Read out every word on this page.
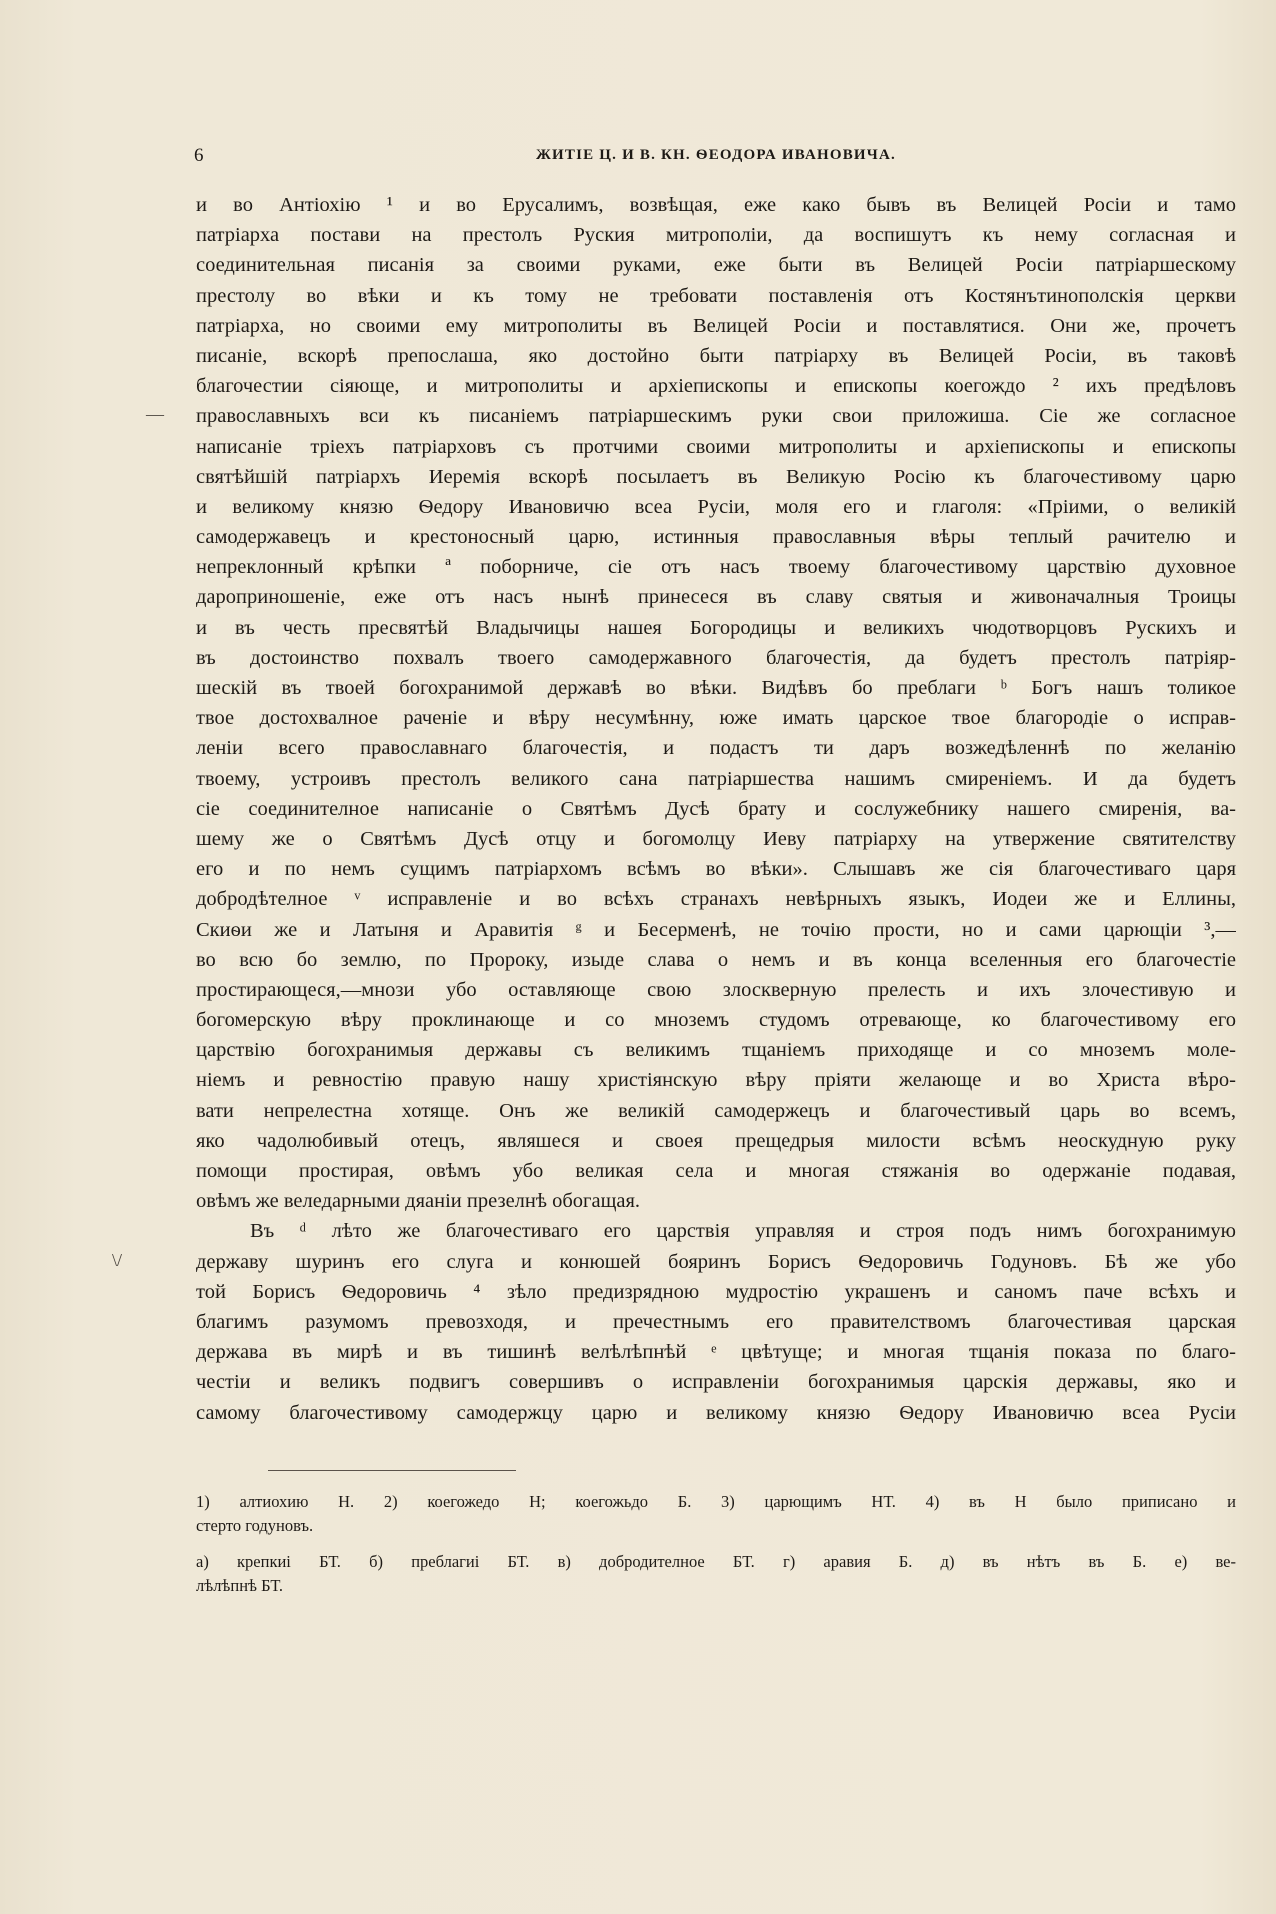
6	ЖИТІЕ Ц. И В. КН. ѲЕОДОРА ИВАНОВИЧА.
и во Антіохію ¹ и во Ерусалимъ, возвѣщая, еже како бывъ въ Велицей Росіи и тамо
патріарха постави на престолъ Руския митрополіи, да воспишутъ къ нему согласная и
соединительная писанія за своими руками, еже быти въ Велицей Росіи патріаршескому
престолу во вѣки и къ тому не требовати поставленія отъ Костянътинополскія церкви
патріарха, но своими ему митрополиты въ Велицей Росіи и поставлятися. Они же, прочетъ
писаніе, вскорѣ препослаша, яко достойно быти патріарху въ Велицей Росіи, въ таковѣ
благочестии сіяюще, и митрополиты и архіепископы и епископы коегождо ² ихъ предѣловъ
православныхъ вси къ писаніемъ патріаршескимъ руки свои приложиша. Сіе же согласное
написаніе тріехъ патріарховъ съ протчими своими митрополиты и архіепископы и епископы
святѣйшій патріархъ Иеремія вскорѣ посылаетъ въ Великую Росію къ благочестивому царю
и великому князю Ѳедору Ивановичю всеа Русіи, моля его и глаголя: «Пріими, о великій
самодержавецъ и крестоносный царю, истинныя православныя вѣры теплый рачителю и
непреклонный крѣпки ª поборниче, сіе отъ насъ твоему благочестивому царствію духовное
дароприношеніе, еже отъ насъ нынѣ принесеся въ славу святыя и живоначалныя Троицы
и въ честь пресвятѣй Владычицы нашея Богородицы и великихъ чюдотворцовъ Рускихъ и
въ достоинство похвалъ твоего самодержавного благочестія, да будетъ престолъ патріяр-
шескій въ твоей богохранимой державѣ во вѣки. Видѣвъ бо преблаги ᵇ Богъ нашъ толикое
твое достохвалное раченіе и вѣру несумѣнну, юже имать царское твое благородіе о исправ-
леніи всего православнаго благочестія, и подастъ ти даръ возжедѣленнѣ по желанію
твоему, устроивъ престолъ великого сана патріаршества нашимъ смиреніемъ. И да будетъ
сіе соединителное написаніе о Святѣмъ Дусѣ брату и сослужебнику нашего смиренія, ва-
шему же о Святѣмъ Дусѣ отцу и богомолцу Иеву патріарху на утвержение святителству
его и по немъ сущимъ патріархомъ всѣмъ во вѣки». Слышавъ же сія благочестиваго царя
добродѣтелное ᵛ исправленіе и во всѣхъ странахъ невѣрныхъ языкъ, Иодеи же и Еллины,
Скиѳи же и Латыня и Аравитія ᵍ и Бесерменѣ, не точію прости, но и сами царющіи ³,—
во всю бо землю, по Пророку, изыде слава о немъ и въ конца вселенныя его благочестіе
простирающеся,—мнози убо оставляюще свою злоскверную прелесть и ихъ злочестивую и
богомерскую вѣру проклинающе и со мноземъ студомъ отревающе, ко благочестивому его
царствію богохранимыя державы съ великимъ тщаніемъ приходяще и со мноземъ моле-
ніемъ и ревностію правую нашу христіянскую вѣру пріяти желающе и во Христа вѣро-
вати непрелестна хотяще. Онъ же великій самодержецъ и благочестивый царь во всемъ,
яко чадолюбивый отецъ, являшеся и своея прещедрыя милости всѣмъ неоскудную руку
помощи простирая, овѣмъ убо великая села и многая стяжанія во одержаніе подавая,
овѣмъ же веледарными дяаніи презелнѣ обогащая.
Въ ᵈ лѣто же благочестиваго его царствія управляя и строя подъ нимъ богохранимую
державу шуринъ его слуга и конюшей бояринъ Борисъ Ѳедоровичь Годуновъ. Бѣ же убо
той Борисъ Ѳедоровичь ⁴ зѣло предизрядною мудростію украшенъ и саномъ паче всѣхъ и
благимъ разумомъ превозходя, и пречестнымъ его правителствомъ благочестивая царская
держава въ мирѣ и въ тишинѣ велѣлѣпнѣй ᵉ цвѣтуще; и многая тщанія показа по благо-
честіи и великъ подвигъ совершивъ о исправленіи богохранимыя царскія державы, яко и
самому благочестивому самодержцу царю и великому князю Ѳедору Ивановичю всеа Русіи
—
\/
1) алтиохию Н. 2) коегожедо Н; коегожьдо Б. 3) царющимъ НТ. 4) въ Н было приписано и
стерто годуновъ.
а) крепкиі БТ. б) преблагиі БТ. в) добродителное БТ. г) аравия Б. д) въ нѣтъ въ Б. е) ве-
лѣлѣпнѣ БТ.
